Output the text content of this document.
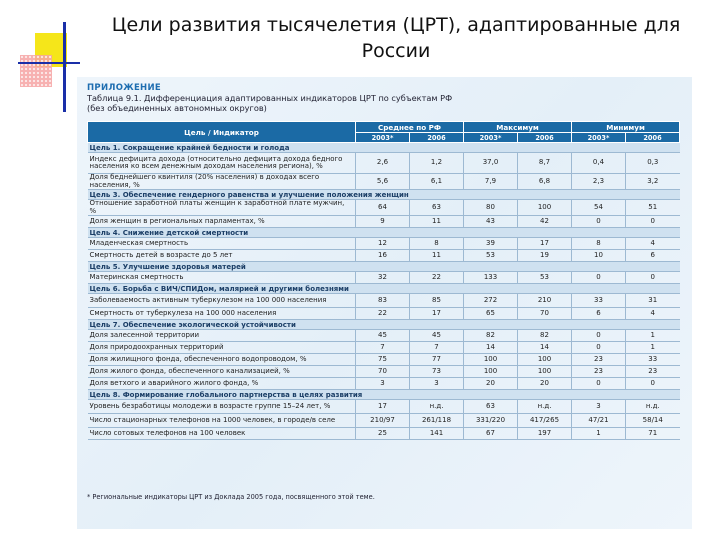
Цели развития тысячелетия (ЦРТ), адаптированные для России
ПРИЛОЖЕНИЕ
Таблица 9.1. Дифференциация адаптированных индикаторов ЦРТ по субъектам РФ
(без объединенных автономных округов)
Цель / Индикатор	Среднее по РФ		Максимум		Минимум	
	2003*	2006	2003*	2006	2003*	2006
Цель 1. Сокращение крайней бедности и голода						
Индекс дефицита дохода (относительно дефицита дохода бедного населения ко всем денежным доходам населения региона), %	2,6	1,2	37,0	8,7	0,4	0,3
Доля беднейшего квинтиля (20% населения) в доходах всего населения, %	5,6	6,1	7,9	6,8	2,3	3,2
Цель 3. Обеспечение гендерного равенства и улучшение положения женщин						
Отношение заработной платы женщин к заработной плате мужчин, %	64	63	80	100	54	51
Доля женщин в региональных парламентах, %	9	11	43	42	0	0
Цель 4. Снижение детской смертности						
Младенческая смертность	12	8	39	17	8	4
Смертность детей в возрасте до 5 лет	16	11	53	19	10	6
Цель 5. Улучшение здоровья матерей						
Материнская смертность	32	22	133	53	0	0
Цель 6. Борьба с ВИЧ/СПИДом, малярией и другими болезнями						
Заболеваемость активным туберкулезом на 100 000 населения	83	85	272	210	33	31
Смертность от туберкулеза на 100 000 населения	22	17	65	70	6	4
Цель 7. Обеспечение экологической устойчивости						
Доля залесенной территории	45	45	82	82	0	1
Доля природоохранных территорий	7	7	14	14	0	1
Доля жилищного фонда, обеспеченного водопроводом, %	75	77	100	100	23	33
Доля жилого фонда, обеспеченного канализацией, %	70	73	100	100	23	23
Доля ветхого и аварийного жилого фонда, %	3	3	20	20	0	0
Цель 8. Формирование глобального партнерства в целях развития						
Уровень безработицы молодежи в возрасте группе 15–24 лет, %	17	н.д.	63	н.д.	3	н.д.
Число стационарных телефонов на 1000 человек, в городе/в селе	210/97	261/118	331/220	417/265	47/21	58/14
Число сотовых телефонов на 100 человек	25	141	67	197	1	71
* Региональные индикаторы ЦРТ из Доклада 2005 года, посвященного этой теме.
